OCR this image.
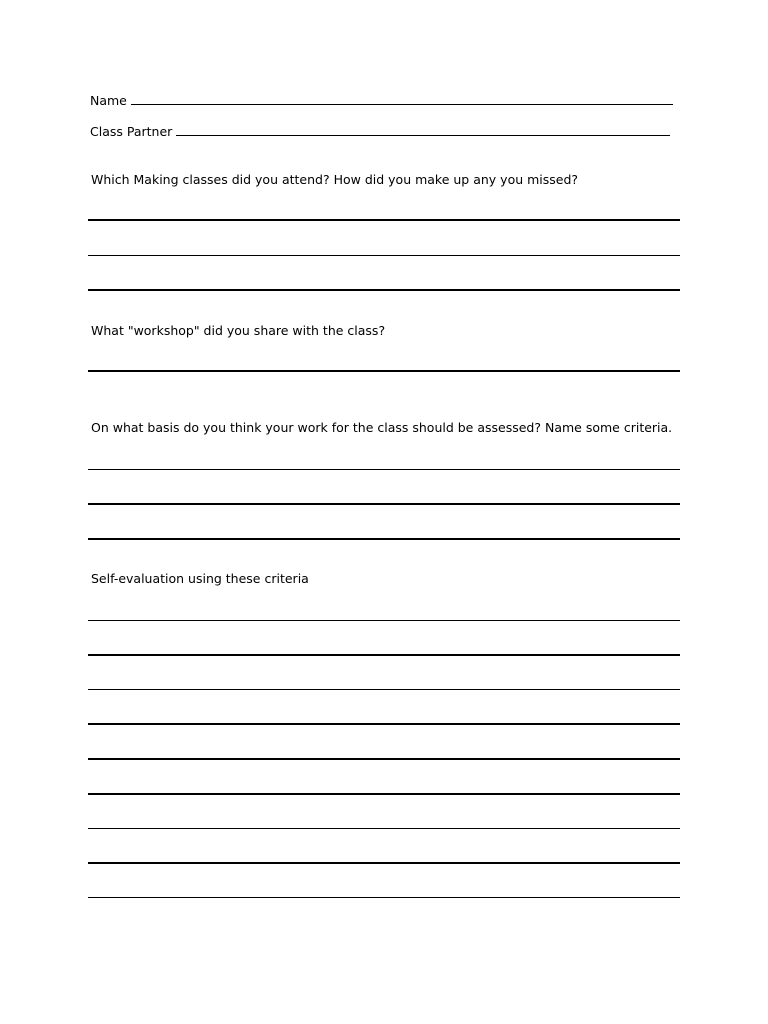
Name
Class Partner
Which Making classes did you attend? How did you make up any you missed?
What "workshop" did you share with the class?
On what basis do you think your work for the class should be assessed? Name some criteria.
Self-evaluation using these criteria
